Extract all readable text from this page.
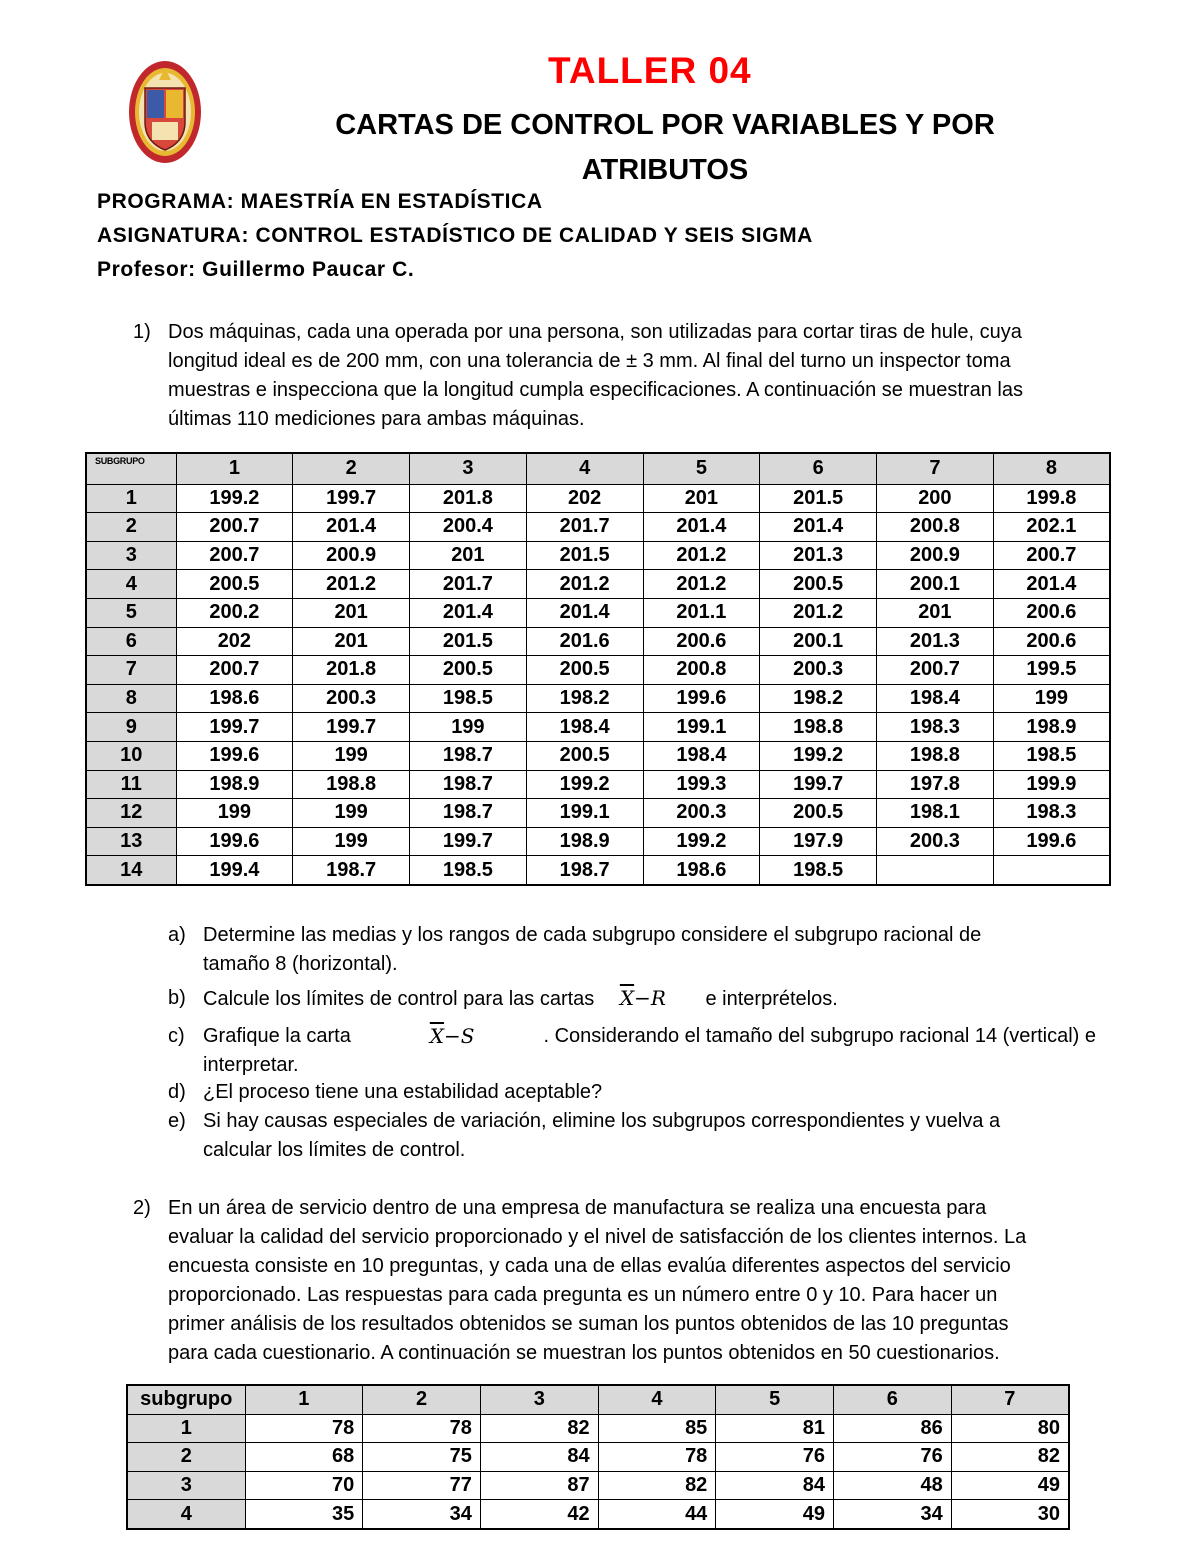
TALLER 04
CARTAS DE CONTROL POR VARIABLES Y POR
ATRIBUTOS
PROGRAMA: MAESTRÍA EN ESTADÍSTICA
ASIGNATURA: CONTROL ESTADÍSTICO DE CALIDAD Y SEIS SIGMA
Profesor: Guillermo Paucar C.
1) Dos máquinas, cada una operada por una persona, son utilizadas para cortar tiras de hule, cuya
longitud ideal es de 200 mm, con una tolerancia de ± 3 mm. Al final del turno un inspector toma
muestras e inspecciona que la longitud cumpla especificaciones. A continuación se muestran las
últimas 110 mediciones para ambas máquinas.
SUBGRUPO	1	2	3	4	5	6	7	8
1	199.2	199.7	201.8	202	201	201.5	200	199.8
2	200.7	201.4	200.4	201.7	201.4	201.4	200.8	202.1
3	200.7	200.9	201	201.5	201.2	201.3	200.9	200.7
4	200.5	201.2	201.7	201.2	201.2	200.5	200.1	201.4
5	200.2	201	201.4	201.4	201.1	201.2	201	200.6
6	202	201	201.5	201.6	200.6	200.1	201.3	200.6
7	200.7	201.8	200.5	200.5	200.8	200.3	200.7	199.5
8	198.6	200.3	198.5	198.2	199.6	198.2	198.4	199
9	199.7	199.7	199	198.4	199.1	198.8	198.3	198.9
10	199.6	199	198.7	200.5	198.4	199.2	198.8	198.5
11	198.9	198.8	198.7	199.2	199.3	199.7	197.8	199.9
12	199	199	198.7	199.1	200.3	200.5	198.1	198.3
13	199.6	199	199.7	198.9	199.2	197.9	200.3	199.6
14	199.4	198.7	198.5	198.7	198.6	198.5		
a) Determine las medias y los rangos de cada subgrupo considere el subgrupo racional de
tamaño 8 (horizontal).
b) Calcule los límites de control para las cartas $\overline{X}-R$ e interprételos.
c) Grafique la carta	$\overline{X}-S$	. Considerando el tamaño del subgrupo racional 14 (vertical) e
interpretar.
d) ¿El proceso tiene una estabilidad aceptable?
e) Si hay causas especiales de variación, elimine los subgrupos correspondientes y vuelva a
calcular los límites de control.
2) En un área de servicio dentro de una empresa de manufactura se realiza una encuesta para
evaluar la calidad del servicio proporcionado y el nivel de satisfacción de los clientes internos. La
encuesta consiste en 10 preguntas, y cada una de ellas evalúa diferentes aspectos del servicio
proporcionado. Las respuestas para cada pregunta es un número entre 0 y 10. Para hacer un
primer análisis de los resultados obtenidos se suman los puntos obtenidos de las 10 preguntas
para cada cuestionario. A continuación se muestran los puntos obtenidos en 50 cuestionarios.
subgrupo	1	2	3	4	5	6	7
1	78	78	82	85	81	86	80
2	68	75	84	78	76	76	82
3	70	77	87	82	84	48	49
4	35	34	42	44	49	34	30
